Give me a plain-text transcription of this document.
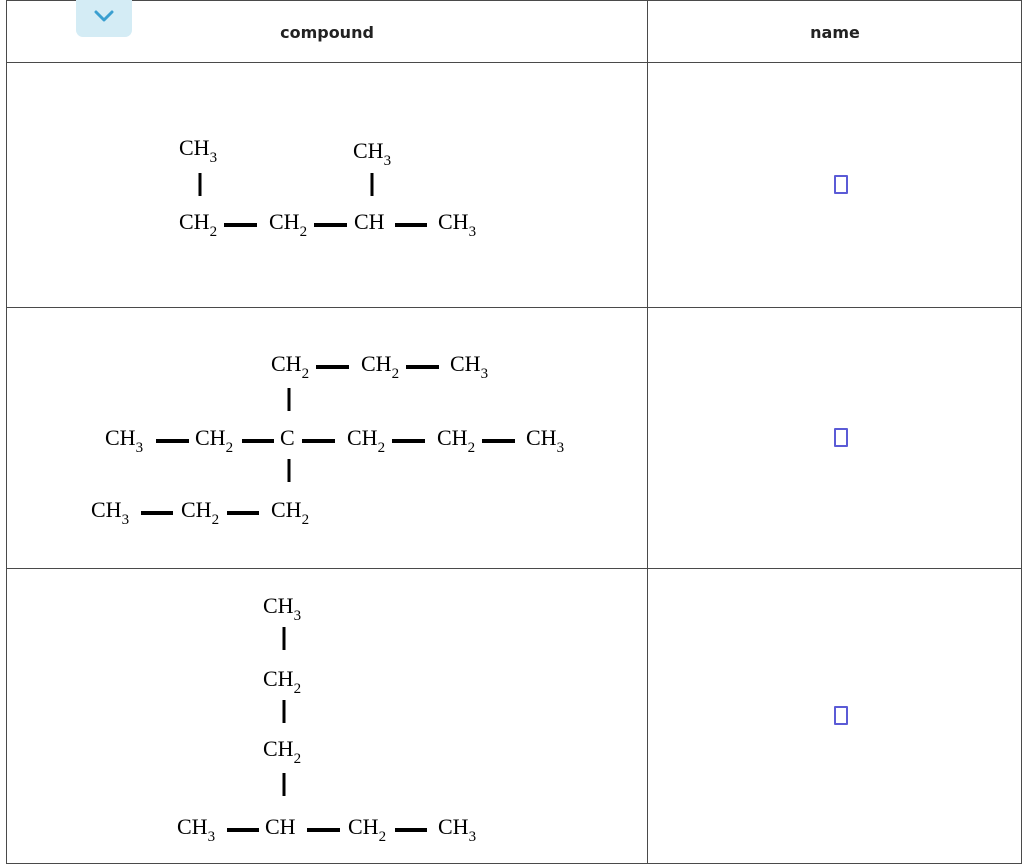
compound	name
$CH_3$	$CH_3$
$CH_2$ $CH_2$ CH $CH_3$
$CH_2$ $CH_2$ $CH_3$
$CH_3$ $CH_2$ C $CH_2$ $CH_2$ $CH_3$
$CH_3$ $CH_2$ $CH_2$
$CH_3$
$CH_2$
$CH_2$
$CH_3$ CH $CH_2$ $CH_3$
